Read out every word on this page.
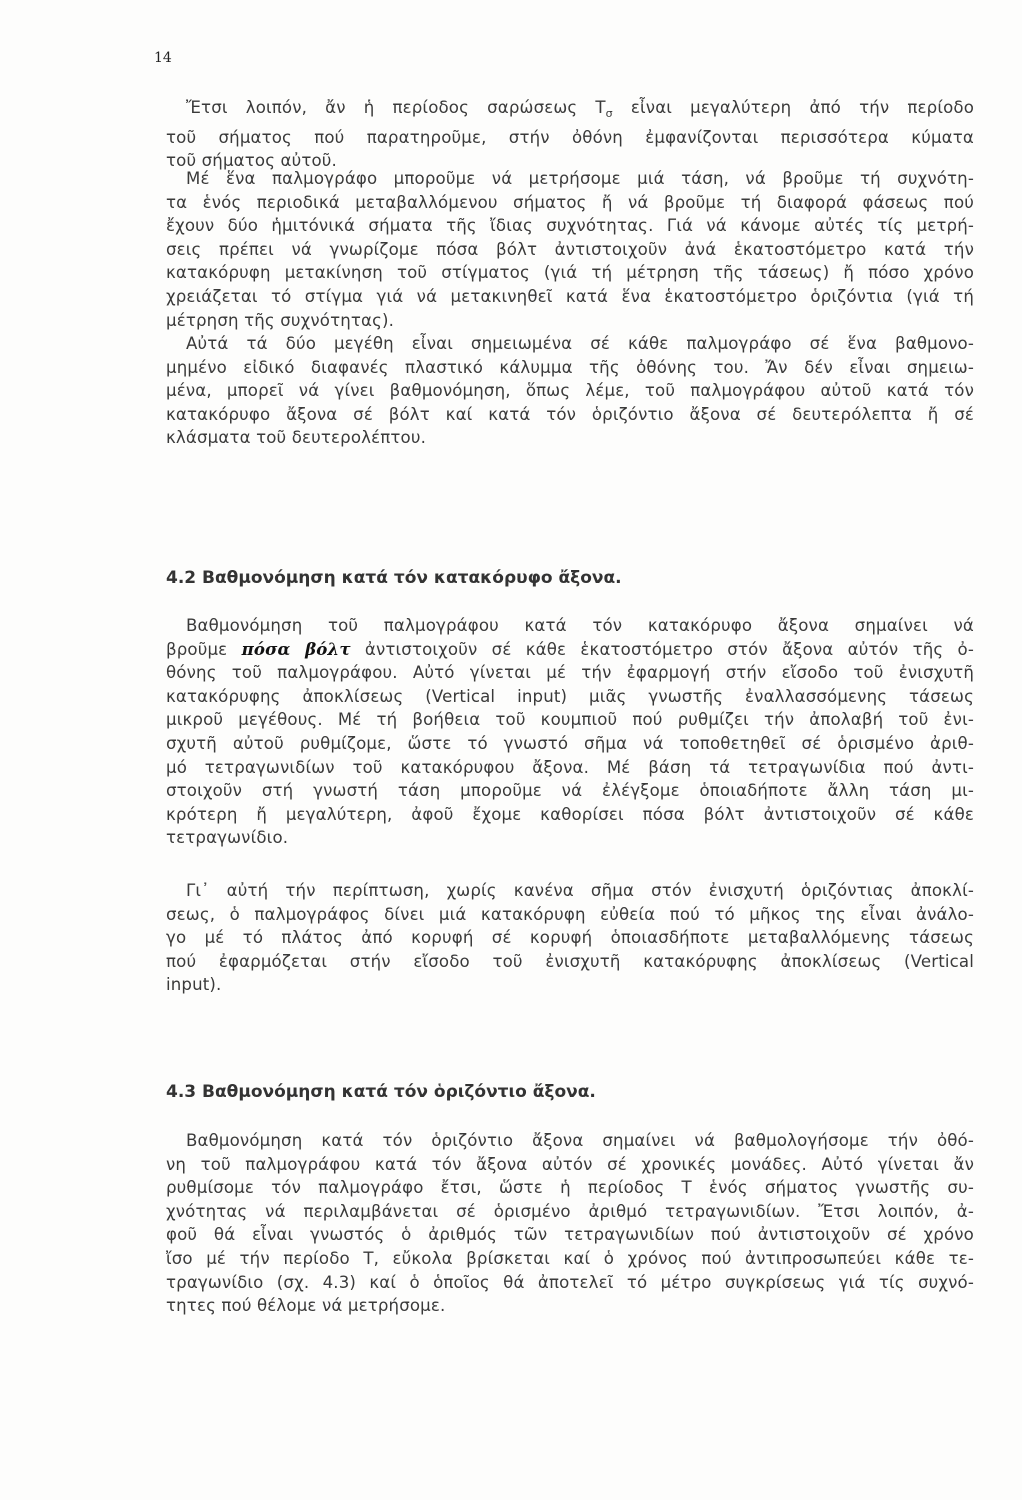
14
Ἔτσι λοιπόν, ἄν ἡ περίοδος σαρώσεως $T_\sigma$ εἶναι μεγαλύτερη ἀπό τήν περίοδο
τοῦ σήματος πού παρατηροῦμε, στήν ὀθόνη ἐμφανίζονται περισσότερα κύματα
τοῦ σήματος αὐτοῦ.
Μέ ἕνα παλμογράφο μποροῦμε νά μετρήσομε μιά τάση, νά βροῦμε τή συχνότη-
τα ἑνός περιοδικά μεταβαλλόμενου σήματος ἤ νά βροῦμε τή διαφορά φάσεως πού
ἔχουν δύο ἡμιτόνικά σήματα τῆς ἴδιας συχνότητας. Γιά νά κάνομε αὐτές τίς μετρή-
σεις πρέπει νά γνωρίζομε πόσα βόλτ ἀντιστοιχοῦν ἀνά ἑκατοστόμετρο κατά τήν
κατακόρυφη μετακίνηση τοῦ στίγματος (γιά τή μέτρηση τῆς τάσεως) ἤ πόσο χρόνο
χρειάζεται τό στίγμα γιά νά μετακινηθεῖ κατά ἕνα ἑκατοστόμετρο ὁριζόντια (γιά τή
μέτρηση τῆς συχνότητας).
Αὐτά τά δύο μεγέθη εἶναι σημειωμένα σέ κάθε παλμογράφο σέ ἕνα βαθμονο-
μημένο εἰδικό διαφανές πλαστικό κάλυμμα τῆς ὀθόνης του. Ἄν δέν εἶναι σημειω-
μένα, μπορεῖ νά γίνει βαθμονόμηση, ὅπως λέμε, τοῦ παλμογράφου αὐτοῦ κατά τόν
κατακόρυφο ἄξονα σέ βόλτ καί κατά τόν ὁριζόντιο ἄξονα σέ δευτερόλεπτα ἤ σέ
κλάσματα τοῦ δευτερολέπτου.
4.2 Βαθμονόμηση κατά τόν κατακόρυφο ἄξονα.
Βαθμονόμηση τοῦ παλμογράφου κατά τόν κατακόρυφο ἄξονα σημαίνει νά
βροῦμε πόσα βόλτ ἀντιστοιχοῦν σέ κάθε ἑκατοστόμετρο στόν ἄξονα αὐτόν τῆς ὀ-
θόνης τοῦ παλμογράφου. Αὐτό γίνεται μέ τήν ἐφαρμογή στήν εἴσοδο τοῦ ἐνισχυτῆ
κατακόρυφης ἀποκλίσεως (Vertical input) μιᾶς γνωστῆς ἐναλλασσόμενης τάσεως
μικροῦ μεγέθους. Μέ τή βοήθεια τοῦ κουμπιοῦ πού ρυθμίζει τήν ἀπολαβή τοῦ ἐνι-
σχυτῆ αὐτοῦ ρυθμίζομε, ὥστε τό γνωστό σῆμα νά τοποθετηθεῖ σέ ὁρισμένο ἀριθ-
μό τετραγωνιδίων τοῦ κατακόρυφου ἄξονα. Μέ βάση τά τετραγωνίδια πού ἀντι-
στοιχοῦν στή γνωστή τάση μποροῦμε νά ἐλέγξομε ὁποιαδήποτε ἄλλη τάση μι-
κρότερη ἤ μεγαλύτερη, ἀφοῦ ἔχομε καθορίσει πόσα βόλτ ἀντιστοιχοῦν σέ κάθε
τετραγωνίδιο.
Γι᾿ αὐτή τήν περίπτωση, χωρίς κανένα σῆμα στόν ἐνισχυτή ὁριζόντιας ἀποκλί-
σεως, ὁ παλμογράφος δίνει μιά κατακόρυφη εὐθεία πού τό μῆκος της εἶναι ἀνάλο-
γο μέ τό πλάτος ἀπό κορυφή σέ κορυφή ὁποιασδήποτε μεταβαλλόμενης τάσεως
πού ἐφαρμόζεται στήν εἴσοδο τοῦ ἐνισχυτῆ κατακόρυφης ἀποκλίσεως (Vertical
input).
4.3 Βαθμονόμηση κατά τόν ὁριζόντιο ἄξονα.
Βαθμονόμηση κατά τόν ὁριζόντιο ἄξονα σημαίνει νά βαθμολογήσομε τήν ὀθό-
νη τοῦ παλμογράφου κατά τόν ἄξονα αὐτόν σέ χρονικές μονάδες. Αὐτό γίνεται ἄν
ρυθμίσομε τόν παλμογράφο ἔτσι, ὥστε ἡ περίοδος T ἑνός σήματος γνωστῆς συ-
χνότητας νά περιλαμβάνεται σέ ὁρισμένο ἀριθμό τετραγωνιδίων. Ἔτσι λοιπόν, ἀ-
φοῦ θά εἶναι γνωστός ὁ ἀριθμός τῶν τετραγωνιδίων πού ἀντιστοιχοῦν σέ χρόνο
ἴσο μέ τήν περίοδο T, εὔκολα βρίσκεται καί ὁ χρόνος πού ἀντιπροσωπεύει κάθε τε-
τραγωνίδιο (σχ. 4.3) καί ὁ ὁποῖος θά ἀποτελεῖ τό μέτρο συγκρίσεως γιά τίς συχνό-
τητες πού θέλομε νά μετρήσομε.
